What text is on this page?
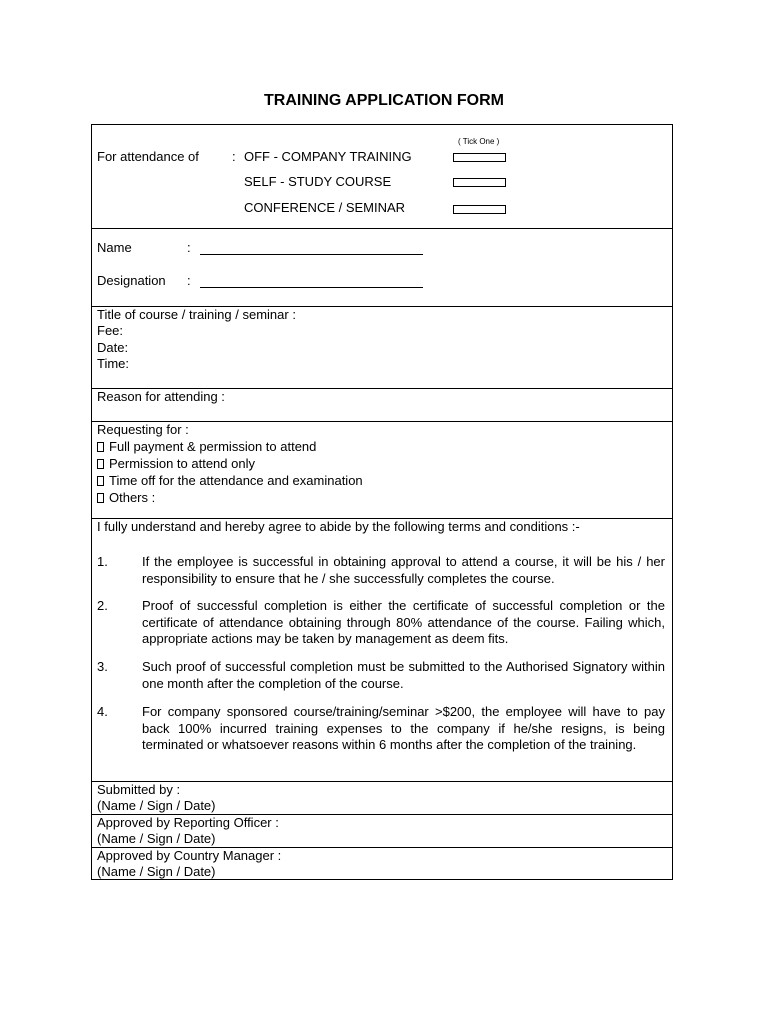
TRAINING APPLICATION FORM
( Tick One )
For attendance of	: OFF - COMPANY TRAINING
SELF - STUDY COURSE
CONFERENCE / SEMINAR
Name	:
Designation :
Title of course / training / seminar :
Fee:
Date:
Time:
Reason for attending :
Requesting for :
Full payment & permission to attend
Permission to attend only
Time off for the attendance and examination
Others :
I fully understand and hereby agree to abide by the following terms and conditions :-
1.	If the employee is successful in obtaining approval to attend a course, it will be his / her responsibility to ensure that he / she successfully completes the course.
2.	Proof of successful completion is either the certificate of successful completion or the certificate of attendance obtaining through 80% attendance of the course. Failing which, appropriate actions may be taken by management as deem fits.
3.	Such proof of successful completion must be submitted to the Authorised Signatory within one month after the completion of the course.
4.	For company sponsored course/training/seminar >$200, the employee will have to pay back 100% incurred training expenses to the company if he/she resigns, is being terminated or whatsoever reasons within 6 months after the completion of the training.
Submitted by :
(Name / Sign / Date)
Approved by Reporting Officer :
(Name / Sign / Date)
Approved by Country Manager :
(Name / Sign / Date)
